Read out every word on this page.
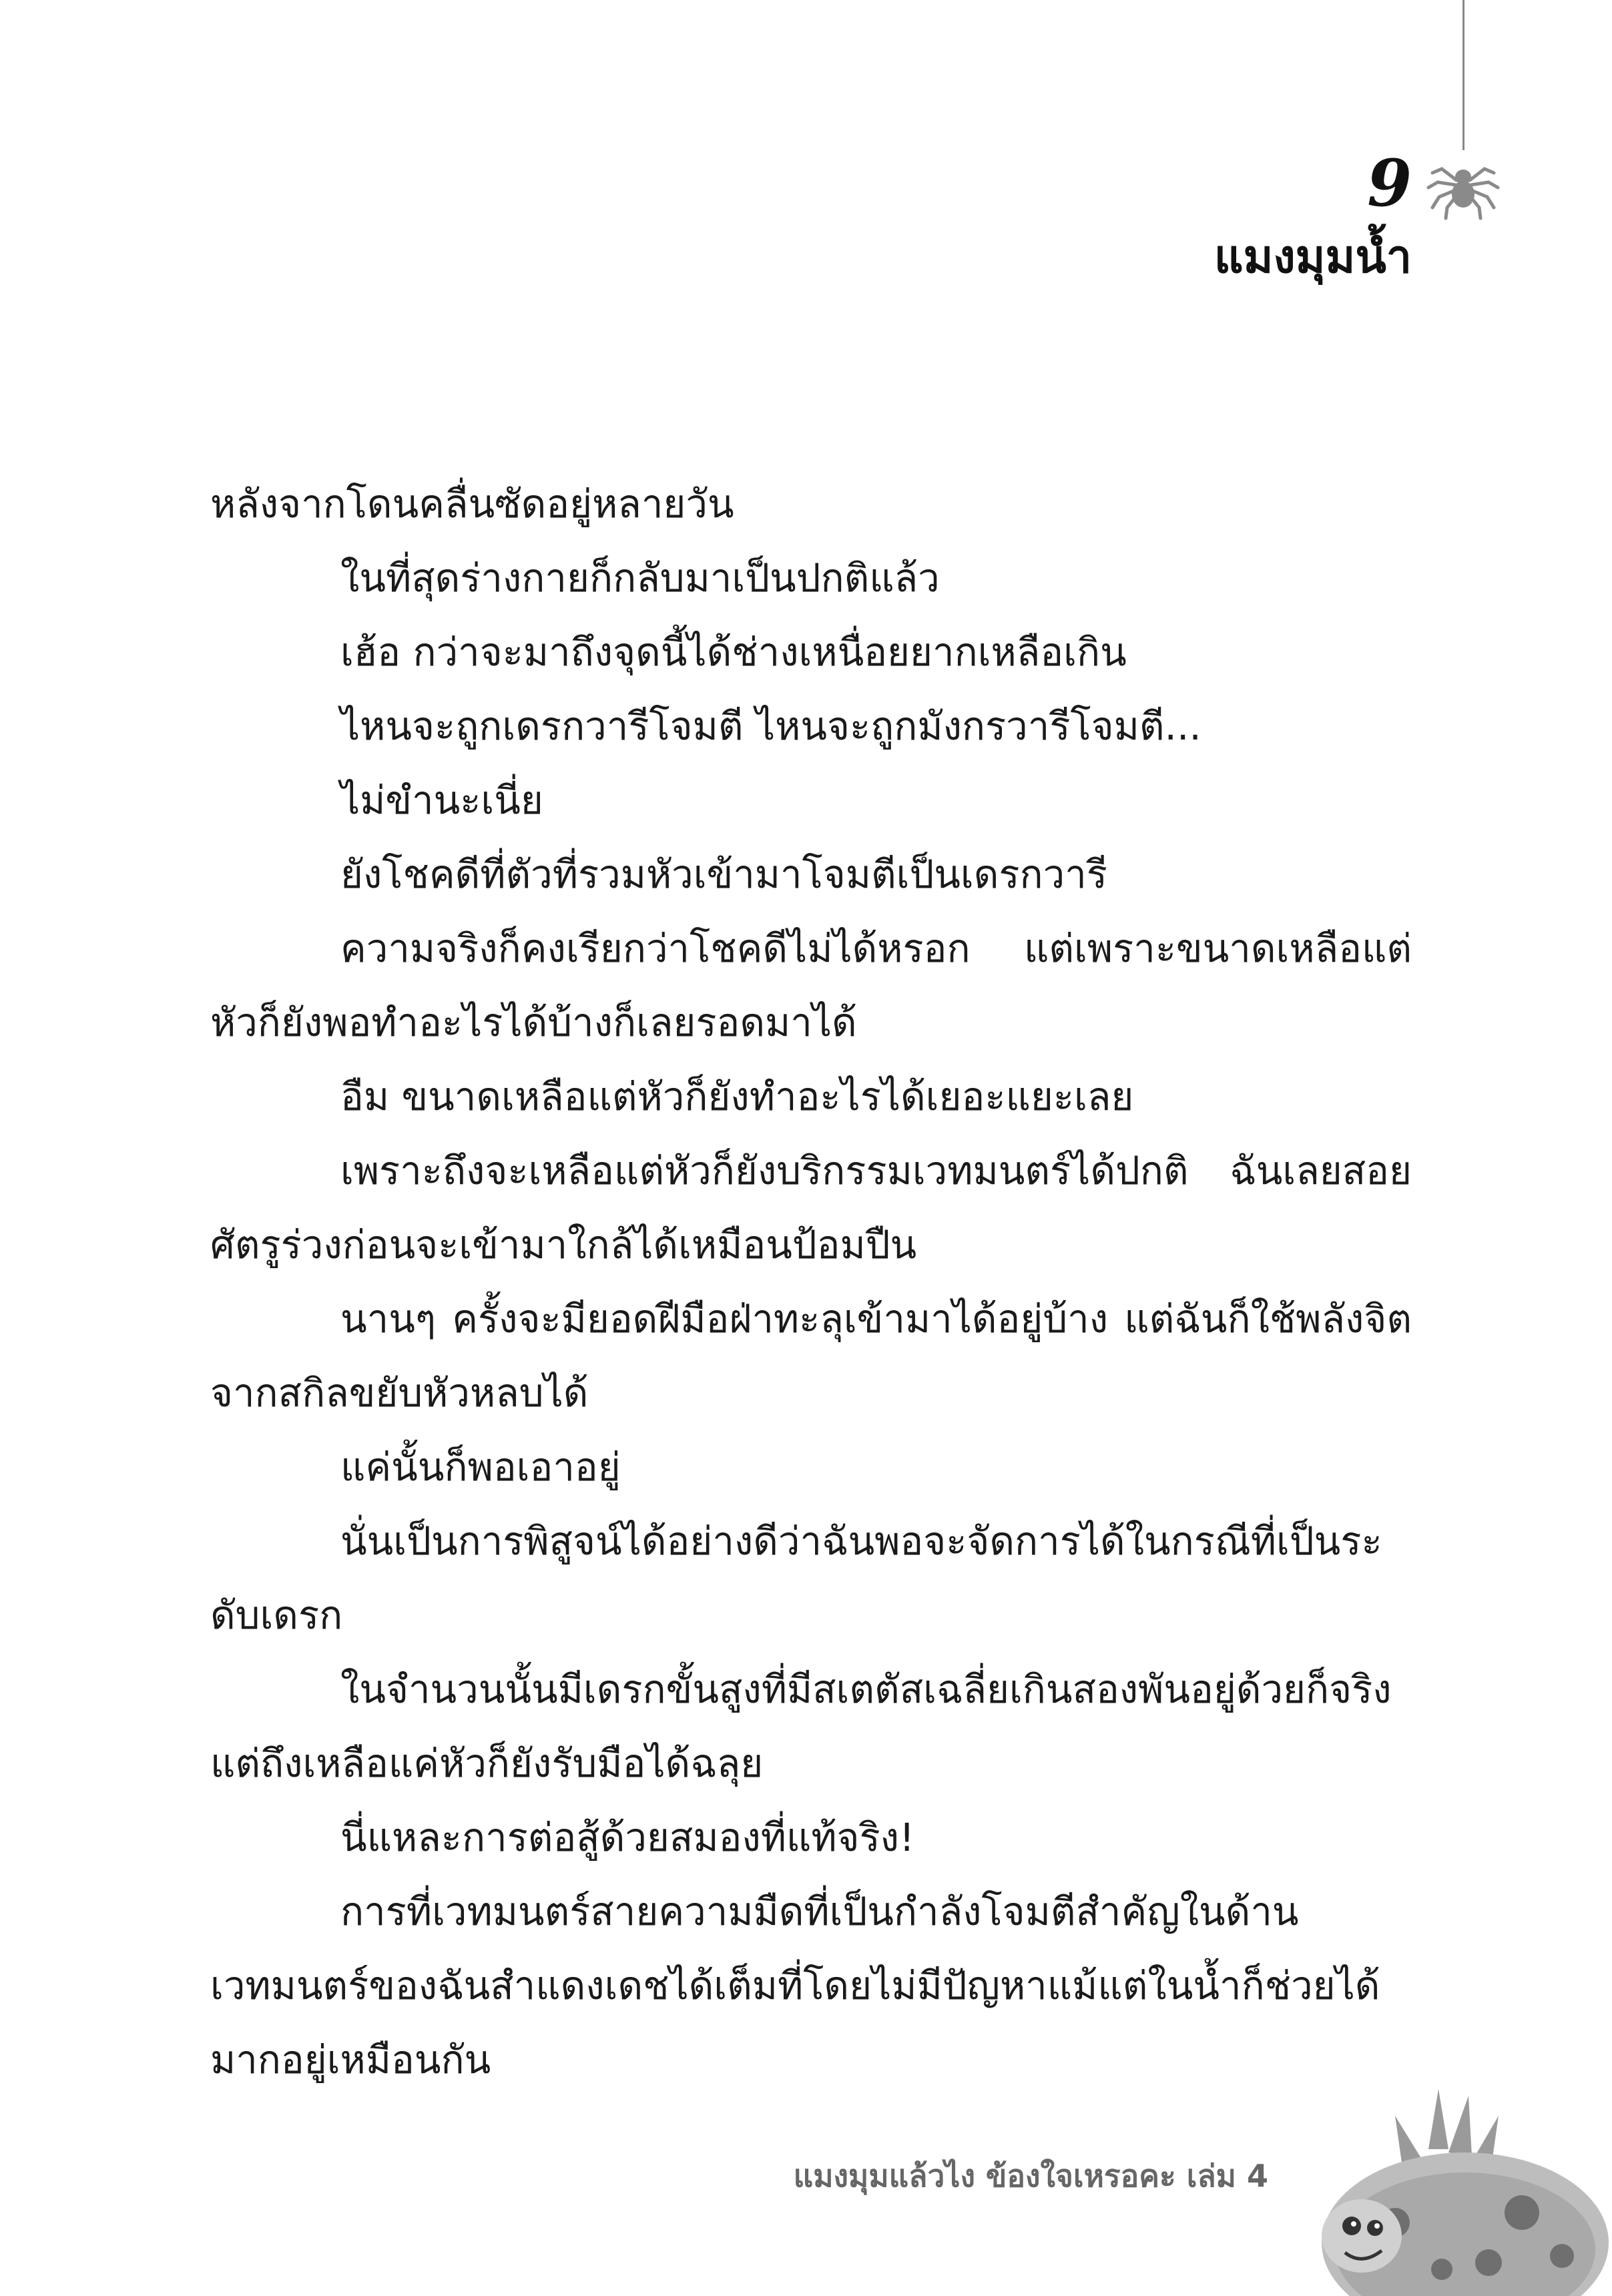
9
แมงมุมน้ำ

หลังจากโดนคลื่นซัดอยู่หลายวัน

ในที่สุดร่างกายก็กลับมาเป็นปกติแล้ว

เฮ้อ กว่าจะมาถึงจุดนี้ได้ช่างเหนื่อยยากเหลือเกิน

ไหนจะถูกเดรกวารีโจมตี ไหนจะถูกมังกรวารีโจมตี...

ไม่ขำนะเนี่ย

ยังโชคดีที่ตัวที่รวมหัวเข้ามาโจมตีเป็นเดรกวารี

ความจริงก็คงเรียกว่าโชคดีไม่ได้หรอก แต่เพราะขนาดเหลือแต่หัวก็ยังพอทำอะไรได้บ้างก็เลยรอดมาได้

อืม ขนาดเหลือแต่หัวก็ยังทำอะไรได้เยอะแยะเลย

เพราะถึงจะเหลือแต่หัวก็ยังบริกรรมเวทมนตร์ได้ปกติ ฉันเลยสอยศัตรูร่วงก่อนจะเข้ามาใกล้ได้เหมือนป้อมปืน

นานๆ ครั้งจะมียอดฝีมือฝ่าทะลุเข้ามาได้อยู่บ้าง แต่ฉันก็ใช้พลังจิตจากสกิลขยับหัวหลบได้

แค่นั้นก็พอเอาอยู่

นั่นเป็นการพิสูจน์ได้อย่างดีว่าฉันพอจะจัดการได้ในกรณีที่เป็นระดับเดรก

ในจำนวนนั้นมีเดรกขั้นสูงที่มีสเตตัสเฉลี่ยเกินสองพันอยู่ด้วยก็จริง แต่ถึงเหลือแค่หัวก็ยังรับมือได้ฉลุย

นี่แหละการต่อสู้ด้วยสมองที่แท้จริง!

การที่เวทมนตร์สายความมืดที่เป็นกำลังโจมตีสำคัญในด้านเวทมนตร์ของฉันสำแดงเดชได้เต็มที่โดยไม่มีปัญหาแม้แต่ในน้ำก็ช่วยได้มากอยู่เหมือนกัน

แมงมุมแล้วไง ข้องใจเหรอคะ เล่ม 4
